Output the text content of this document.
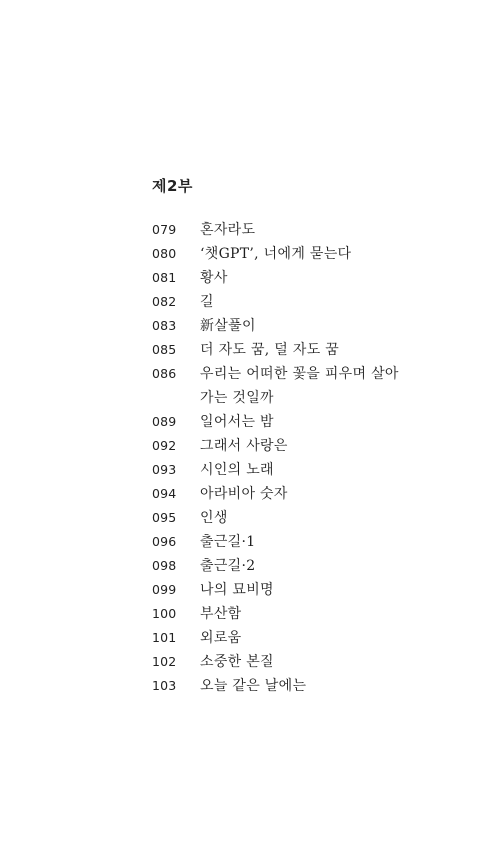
제2부
079	혼자라도
080	‘챗GPT’, 너에게 묻는다
081	황사
082	길
083	新살풀이
085	더 자도 꿈, 덜 자도 꿈
086	우리는 어떠한 꽃을 피우며 살아
가는 것일까
089	일어서는 밤
092	그래서 사랑은
093	시인의 노래
094	아라비아 숫자
095	인생
096	출근길·1
098	출근길·2
099	나의 묘비명
100	부산함
101	외로움
102	소중한 본질
103	오늘 같은 날에는
